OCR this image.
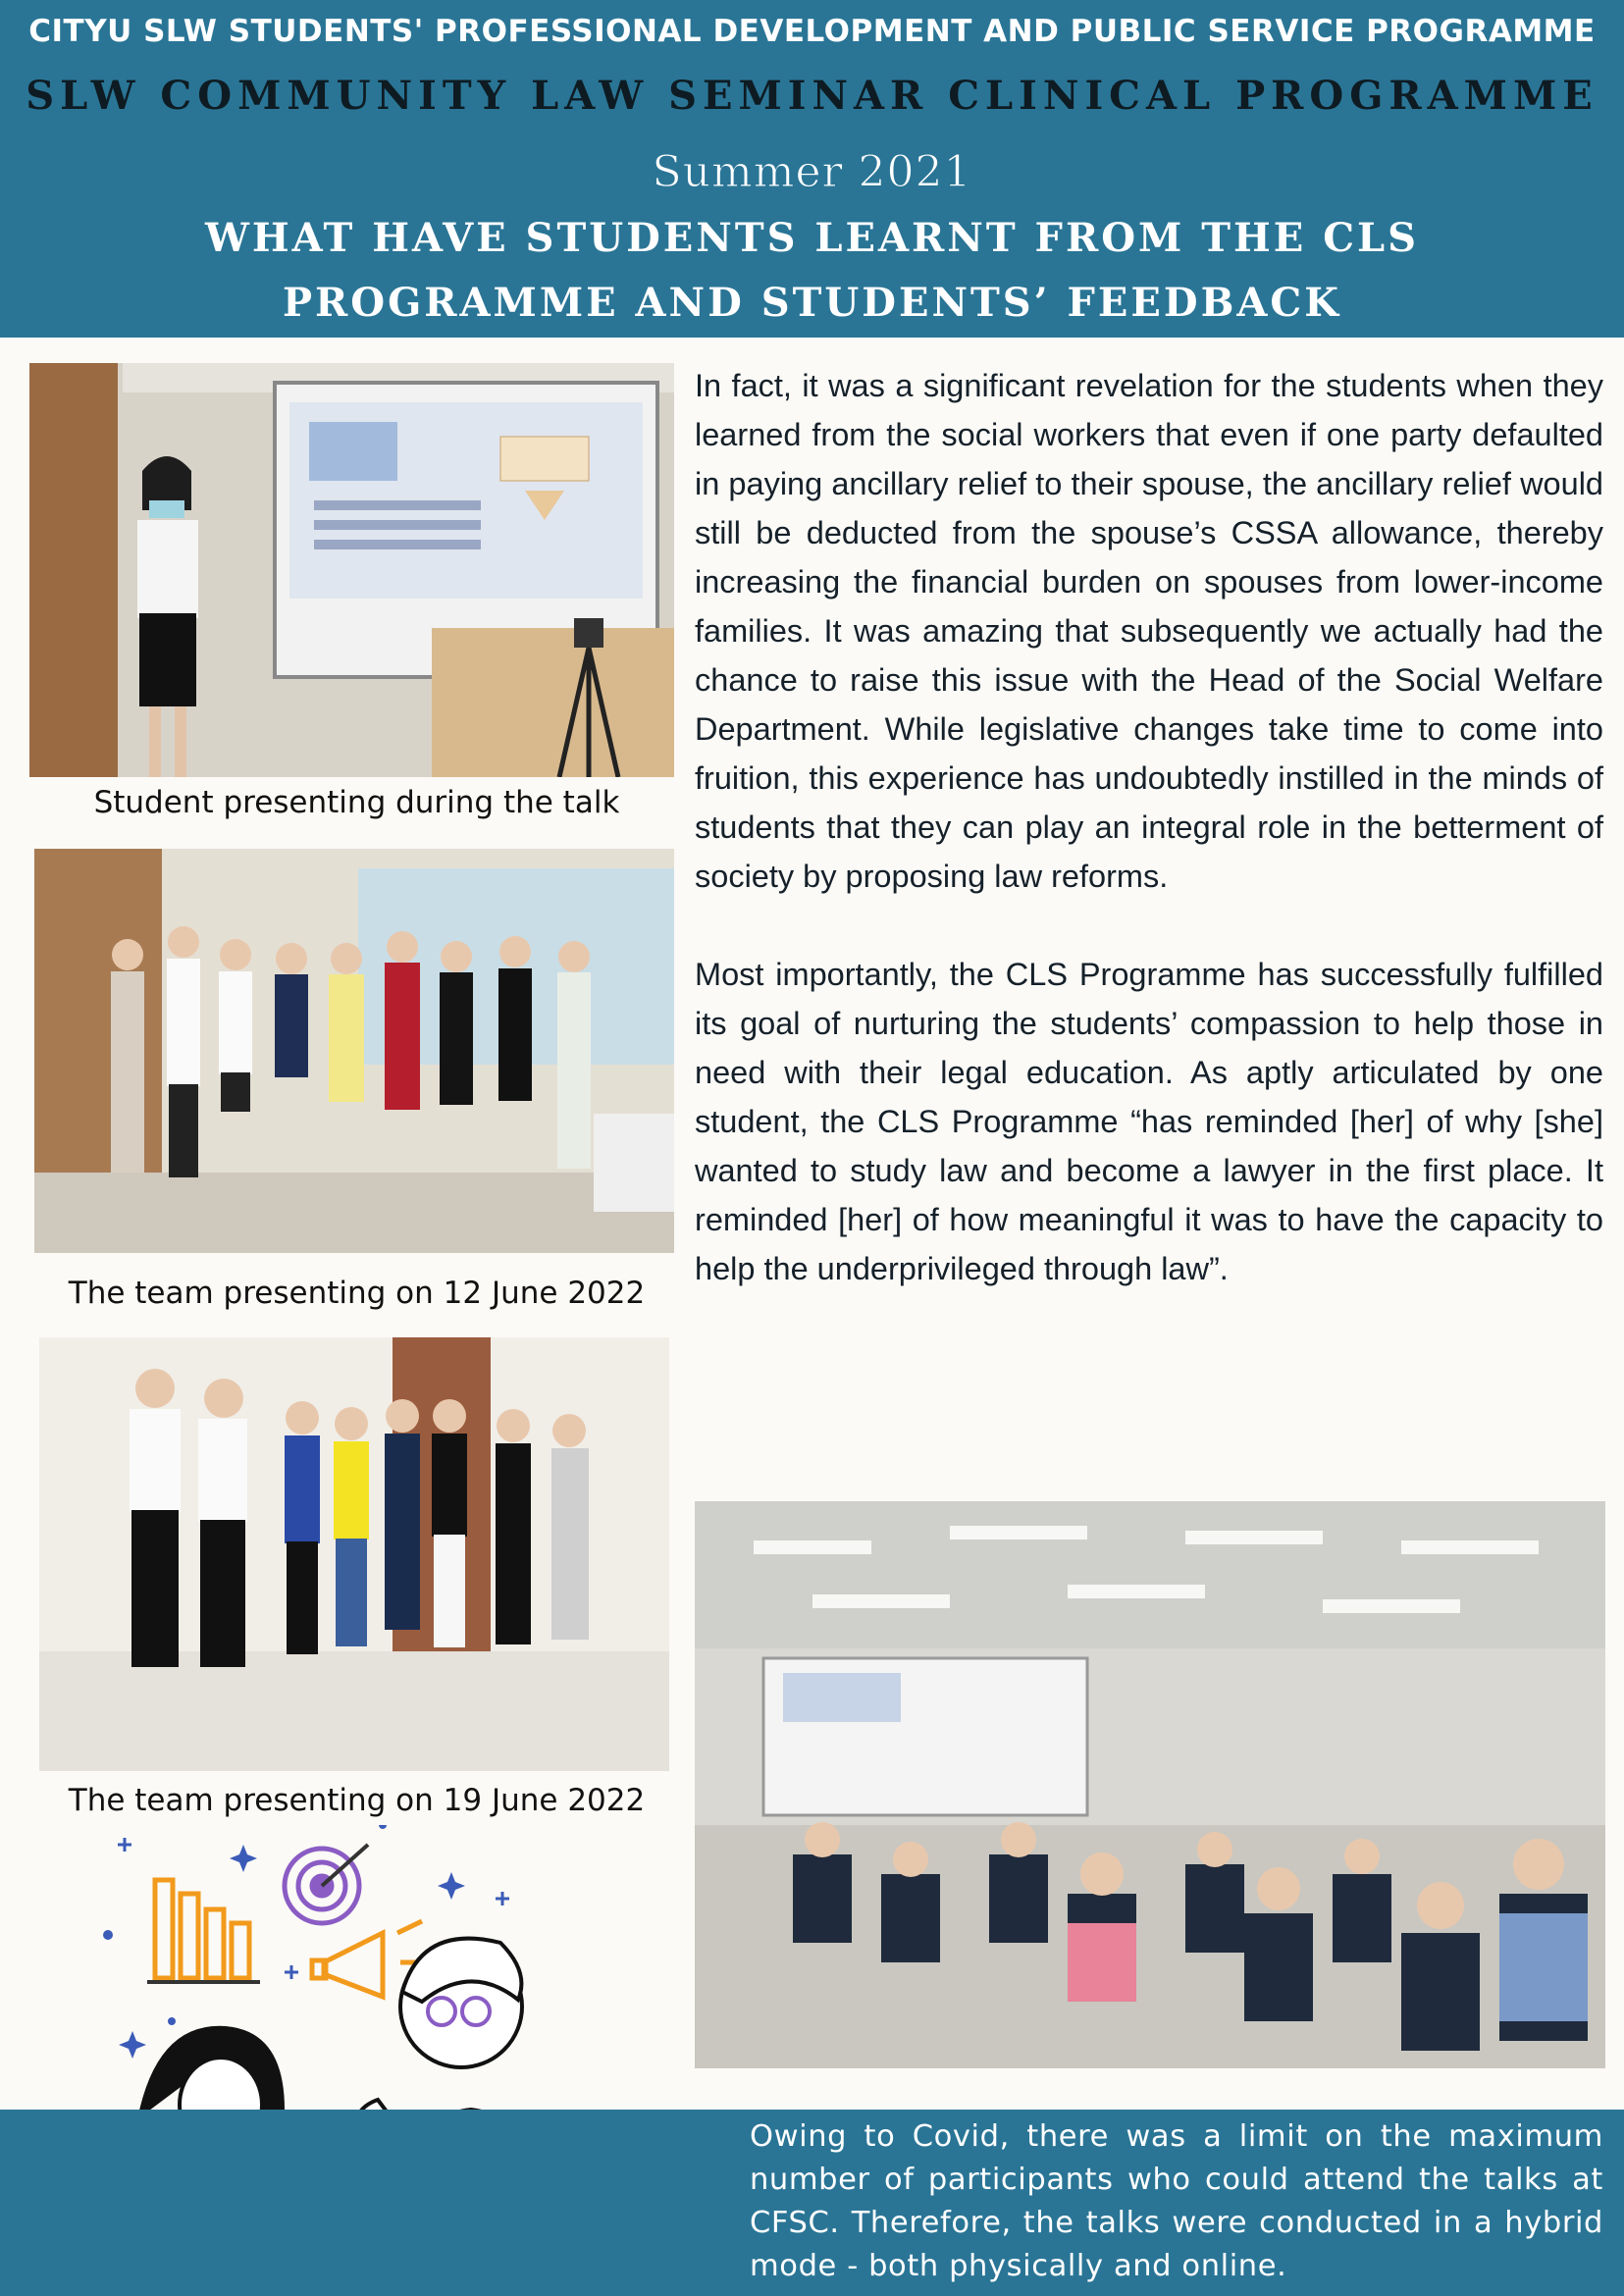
CITYU SLW STUDENTS' PROFESSIONAL DEVELOPMENT AND PUBLIC SERVICE PROGRAMME
SLW COMMUNITY LAW SEMINAR CLINICAL PROGRAMME
Summer 2021
WHAT HAVE STUDENTS LEARNT FROM THE CLS PROGRAMME AND STUDENTS’ FEEDBACK
Student presenting during the talk
The team presenting on 12 June 2022
The team presenting on 19 June 2022

In fact, it was a significant revelation for the students when they learned from the social workers that even if one party defaulted in paying ancillary relief to their spouse, the ancillary relief would still be deducted from the spouse’s CSSA allowance, thereby increasing the financial burden on spouses from lower-income families. It was amazing that subsequently we actually had the chance to raise this issue with the Head of the Social Welfare Department. While legislative changes take time to come into fruition, this experience has undoubtedly instilled in the minds of students that they can play an integral role in the betterment of society by proposing law reforms.

Most importantly, the CLS Programme has successfully fulfilled its goal of nurturing the students’ compassion to help those in need with their legal education. As aptly articulated by one student, the CLS Programme “has reminded [her] of why [she] wanted to study law and become a lawyer in the first place. It reminded [her] of how meaningful it was to have the capacity to help the underprivileged through law”.

Owing to Covid, there was a limit on the maximum number of participants who could attend the talks at CFSC. Therefore, the talks were conducted in a hybrid mode - both physically and online.
